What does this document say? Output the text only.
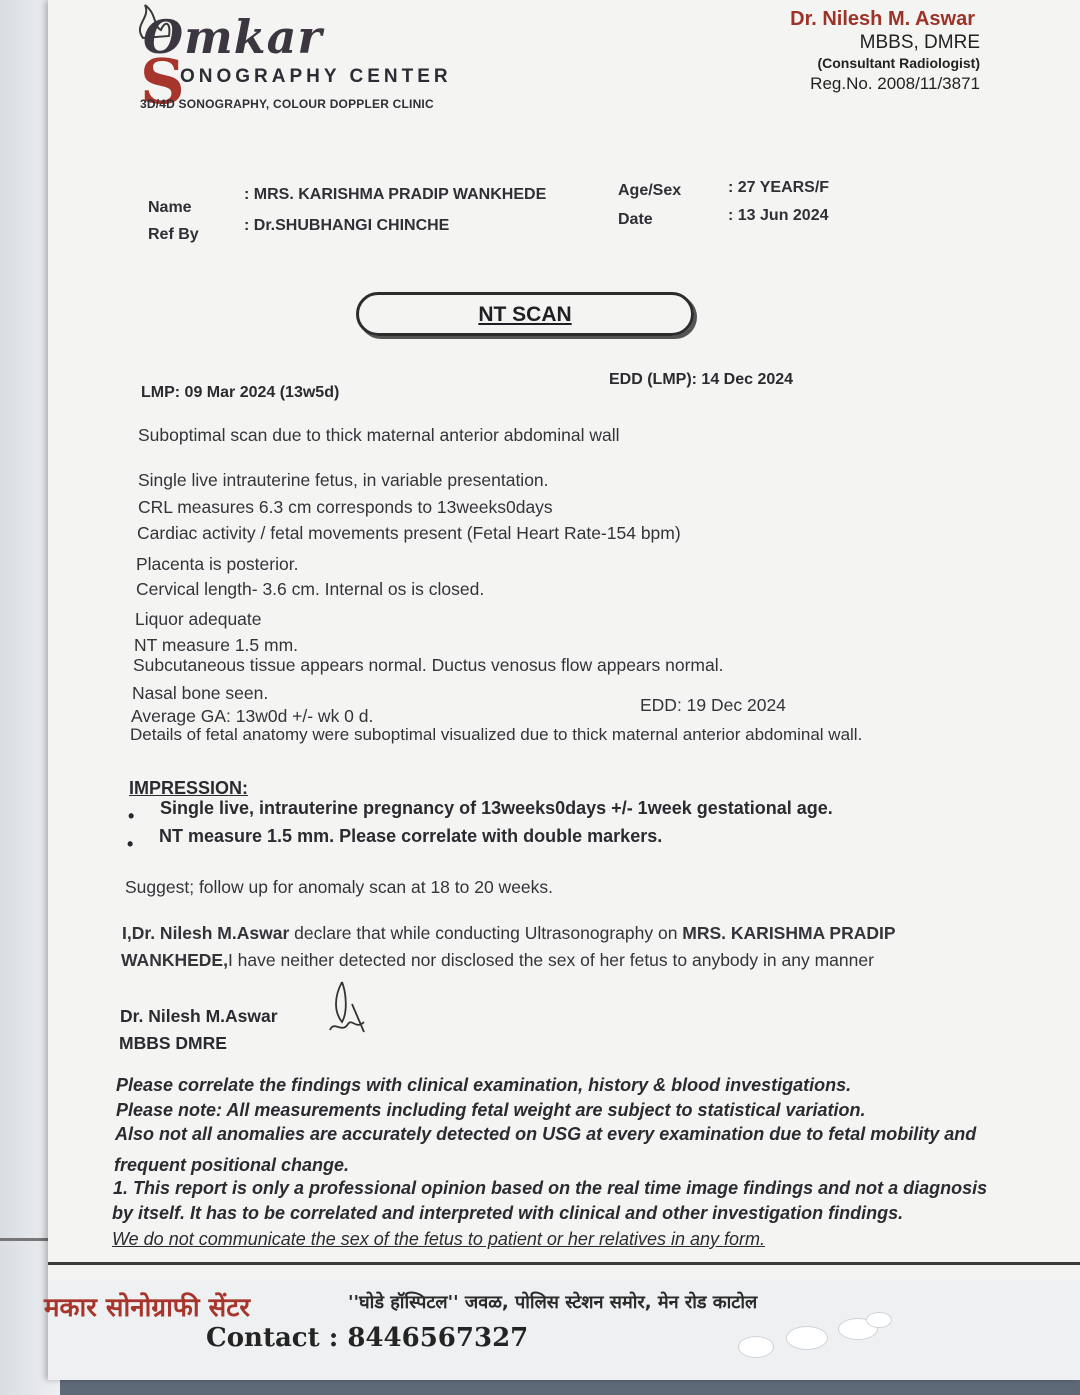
Omkar
S
ONOGRAPHY CENTER
3D/4D SONOGRAPHY, COLOUR DOPPLER CLINIC
Dr. Nilesh M. Aswar
MBBS, DMRE
(Consultant Radiologist)
Reg.No. 2008/11/3871
Name
: MRS. KARISHMA PRADIP WANKHEDE
Ref By
: Dr.SHUBHANGI CHINCHE
Age/Sex	: 27 YEARS/F
Date	: 13 Jun 2024
NT SCAN
LMP: 09 Mar 2024 (13w5d)
EDD (LMP): 14 Dec 2024
Suboptimal scan due to thick maternal anterior abdominal wall
Single live intrauterine fetus, in variable presentation.
CRL measures 6.3 cm corresponds to 13weeks0days
Cardiac activity / fetal movements present (Fetal Heart Rate-154 bpm)
Placenta is posterior.
Cervical length- 3.6 cm. Internal os is closed.
Liquor adequate
NT measure 1.5 mm.
Subcutaneous tissue appears normal. Ductus venosus flow appears normal.
Nasal bone seen.
Average GA: 13w0d +/- wk 0 d.
EDD: 19 Dec 2024
Details of fetal anatomy were suboptimal visualized due to thick maternal anterior abdominal wall.
IMPRESSION:
• Single live, intrauterine pregnancy of 13weeks0days +/- 1week gestational age.
• NT measure 1.5 mm. Please correlate with double markers.
Suggest; follow up for anomaly scan at 18 to 20 weeks.
I,Dr. Nilesh M.Aswar declare that while conducting Ultrasonography on MRS. KARISHMA PRADIP
WANKHEDE,I have neither detected nor disclosed the sex of her fetus to anybody in any manner
Dr. Nilesh M.Aswar
MBBS DMRE
Please correlate the findings with clinical examination, history & blood investigations.
Please note: All measurements including fetal weight are subject to statistical variation.
Also not all anomalies are accurately detected on USG at every examination due to fetal mobility and
frequent positional change.
1. This report is only a professional opinion based on the real time image findings and not a diagnosis
by itself. It has to be correlated and interpreted with clinical and other investigation findings.
We do not communicate the sex of the fetus to patient or her relatives in any form.
मकार सोनोग्राफी सेंटर	''घोडे हॉस्पिटल'' जवळ, पोलिस स्टेशन समोर, मेन रोड काटोल
Contact : 8446567327
